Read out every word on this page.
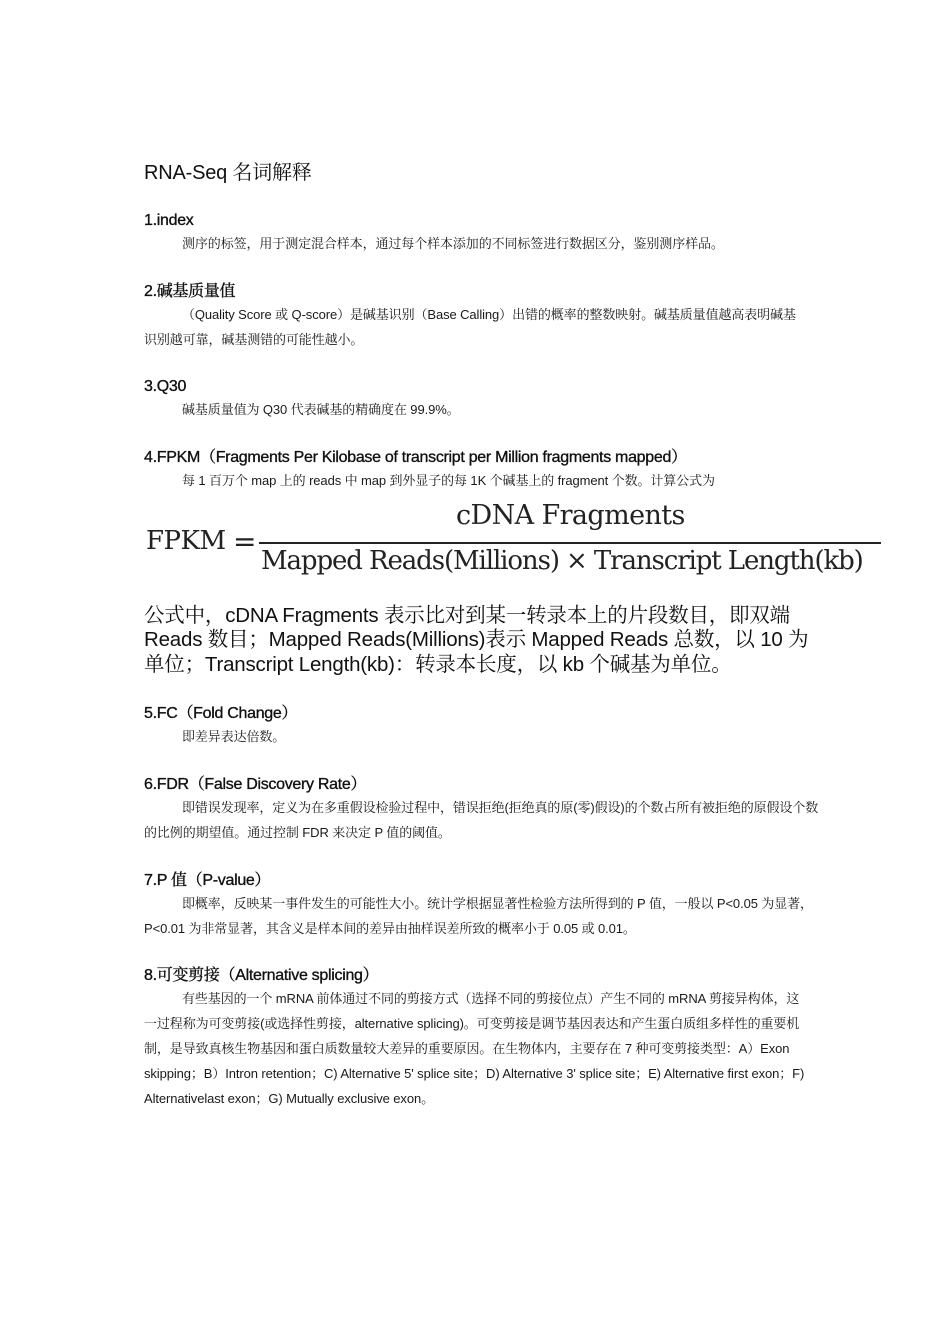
RNA-Seq 名词解释
1.index

测序的标签，用于测定混合样本，通过每个样本添加的不同标签进行数据区分，鉴别测序样品。

2.碱基质量值

（Quality Score 或 Q-score）是碱基识别（Base Calling）出错的概率的整数映射。碱基质量值越高表明碱基识别越可靠，碱基测错的可能性越小。

3.Q30

碱基质量值为 Q30 代表碱基的精确度在 99.9%。

4.FPKM（Fragments Per Kilobase of transcript per Million fragments mapped）

每 1 百万个 map 上的 reads 中 map 到外显子的每 1K 个碱基上的 fragment 个数。计算公式为

FPKM =
cDNA Fragments
Mapped Reads(Millions) × Transcript Length(kb)

公式中，cDNA Fragments 表示比对到某一转录本上的片段数目，即双端 Reads 数目；Mapped Reads(Millions)表示 Mapped Reads 总数，以 10 为单位；Transcript Length(kb)：转录本长度，以 kb 个碱基为单位。

5.FC（Fold Change）

即差异表达倍数。

6.FDR（False Discovery Rate）

即错误发现率，定义为在多重假设检验过程中，错误拒绝(拒绝真的原(零)假设)的个数占所有被拒绝的原假设个数的比例的期望值。通过控制 FDR 来决定 P 值的阈值。

7.P 值（P-value）

即概率，反映某一事件发生的可能性大小。统计学根据显著性检验方法所得到的 P 值，一般以 P<0.05 为显著，P<0.01 为非常显著，其含义是样本间的差异由抽样误差所致的概率小于 0.05 或 0.01。

8.可变剪接（Alternative splicing）

有些基因的一个 mRNA 前体通过不同的剪接方式（选择不同的剪接位点）产生不同的 mRNA 剪接异构体，这一过程称为可变剪接(或选择性剪接，alternative splicing)。可变剪接是调节基因表达和产生蛋白质组多样性的重要机制，是导致真核生物基因和蛋白质数量较大差异的重要原因。在生物体内，主要存在 7 种可变剪接类型：A）Exon skipping；B）Intron retention；C) Alternative 5' splice site；D) Alternative 3' splice site；E) Alternative first exon；F) Alternativelast exon；G) Mutually exclusive exon。
